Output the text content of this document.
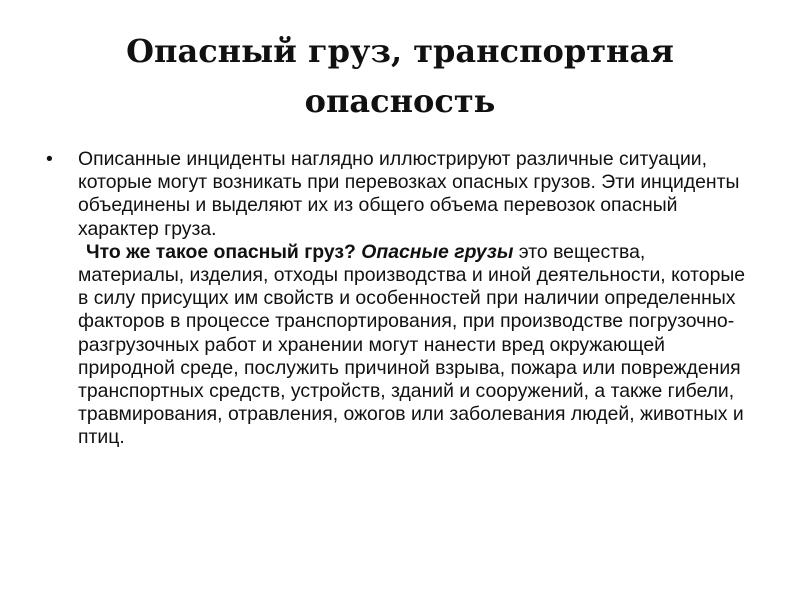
Опасный груз, транспортная
опасность
•	Описанные инциденты наглядно иллюстрируют различные ситуации, которые могут возникать при перевозках опасных грузов. Эти инциденты объединены и выделяют их из общего объема перевозок опасный характер груза.
Что же такое опасный груз? Опасные грузы это вещества, материалы, изделия, отходы производства и иной деятельности, которые в силу присущих им свойств и особенностей при наличии определенных факторов в процессе транспортирования, при производстве погрузочно-разгрузочных работ и хранении могут нанести вред окружающей природной среде, послужить причиной взрыва, пожара или повреждения транспортных средств, устройств, зданий и сооружений, а также гибели, травмирования, отравления, ожогов или заболевания людей, животных и птиц.
